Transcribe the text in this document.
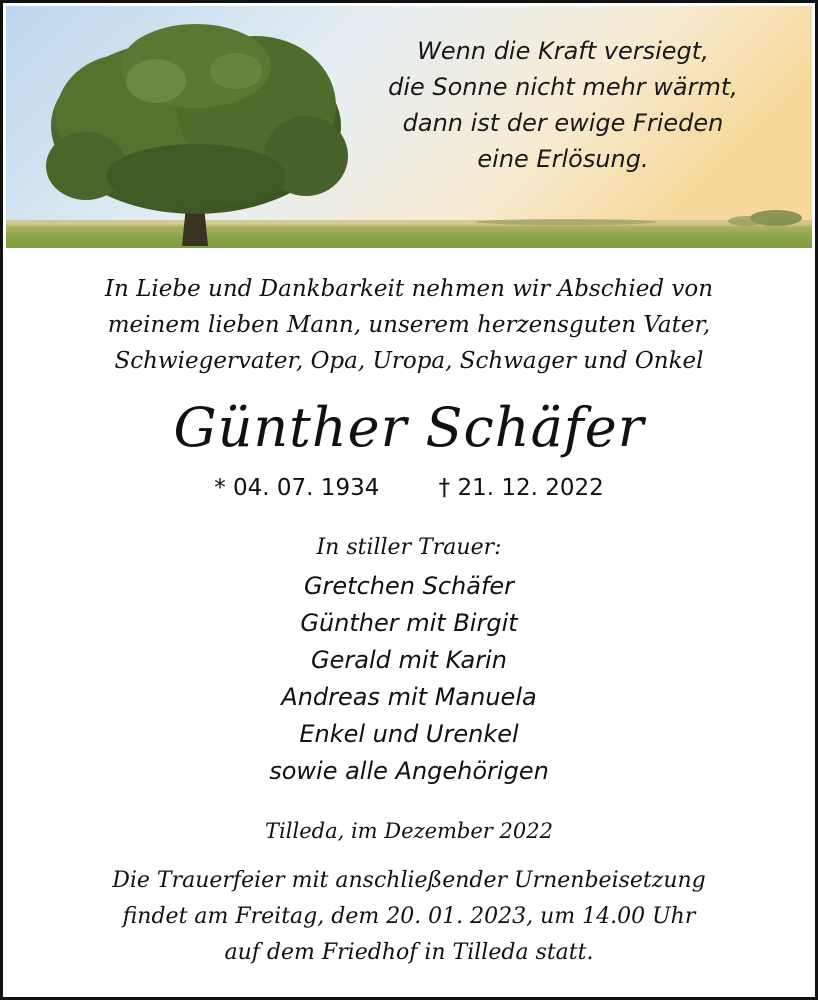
Wenn die Kraft versiegt,
die Sonne nicht mehr wärmt,
dann ist der ewige Frieden
eine Erlösung.
In Liebe und Dankbarkeit nehmen wir Abschied von
meinem lieben Mann, unserem herzensguten Vater,
Schwiegervater, Opa, Uropa, Schwager und Onkel
Günther Schäfer
* 04. 07. 1934	† 21. 12. 2022
In stiller Trauer:
Gretchen Schäfer
Günther mit Birgit
Gerald mit Karin
Andreas mit Manuela
Enkel und Urenkel
sowie alle Angehörigen
Tilleda, im Dezember 2022
Die Trauerfeier mit anschließender Urnenbeisetzung
findet am Freitag, dem 20. 01. 2023, um 14.00 Uhr
auf dem Friedhof in Tilleda statt.
